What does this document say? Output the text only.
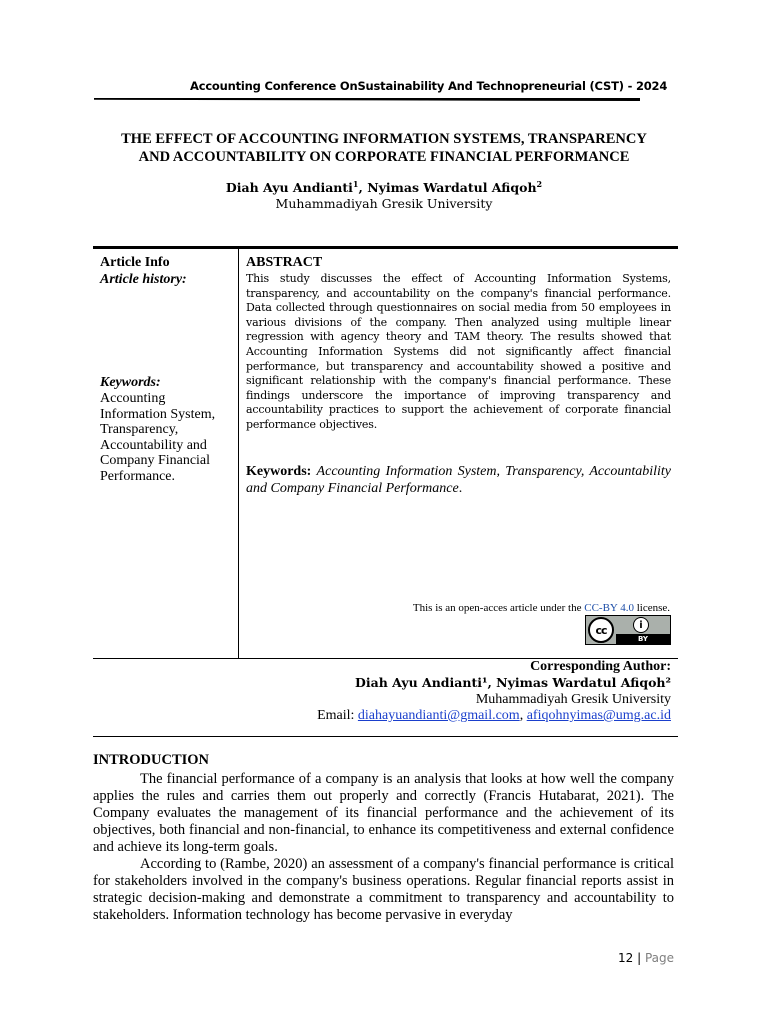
Accounting Conference OnSustainability And Technopreneurial (CST) - 2024
THE EFFECT OF ACCOUNTING INFORMATION SYSTEMS, TRANSPARENCY
AND ACCOUNTABILITY ON CORPORATE FINANCIAL PERFORMANCE
Diah Ayu Andianti$^1$, Nyimas Wardatul Afiqoh$^2$
Muhammadiyah Gresik University
Article Info
Article history:
Keywords:
Accounting Information System, Transparency, Accountability and Company Financial Performance.
ABSTRACT
This study discusses the effect of Accounting Information Systems, transparency, and accountability on the company's financial performance. Data collected through questionnaires on social media from 50 employees in various divisions of the company. Then analyzed using multiple linear regression with agency theory and TAM theory. The results showed that Accounting Information Systems did not significantly affect financial performance, but transparency and accountability showed a positive and significant relationship with the company's financial performance. These findings underscore the importance of improving transparency and accountability practices to support the achievement of corporate financial performance objectives.
Keywords: Accounting Information System, Transparency, Accountability and Company Financial Performance.
This is an open-acces article under the CC-BY 4.0 license.
cc	i
BY
Corresponding Author:
Diah Ayu Andianti¹, Nyimas Wardatul Afiqoh²
Muhammadiyah Gresik University
Email: diahayuandianti@gmail.com, afiqohnyimas@umg.ac.id
INTRODUCTION

The financial performance of a company is an analysis that looks at how well the company applies the rules and carries them out properly and correctly (Francis Hutabarat, 2021). The Company evaluates the management of its financial performance and the achievement of its objectives, both financial and non-financial, to enhance its competitiveness and external confidence and achieve its long-term goals.

According to (Rambe, 2020) an assessment of a company's financial performance is critical for stakeholders involved in the company's business operations. Regular financial reports assist in strategic decision-making and demonstrate a commitment to transparency and accountability to stakeholders. Information technology has become pervasive in everyday

12 | Page
